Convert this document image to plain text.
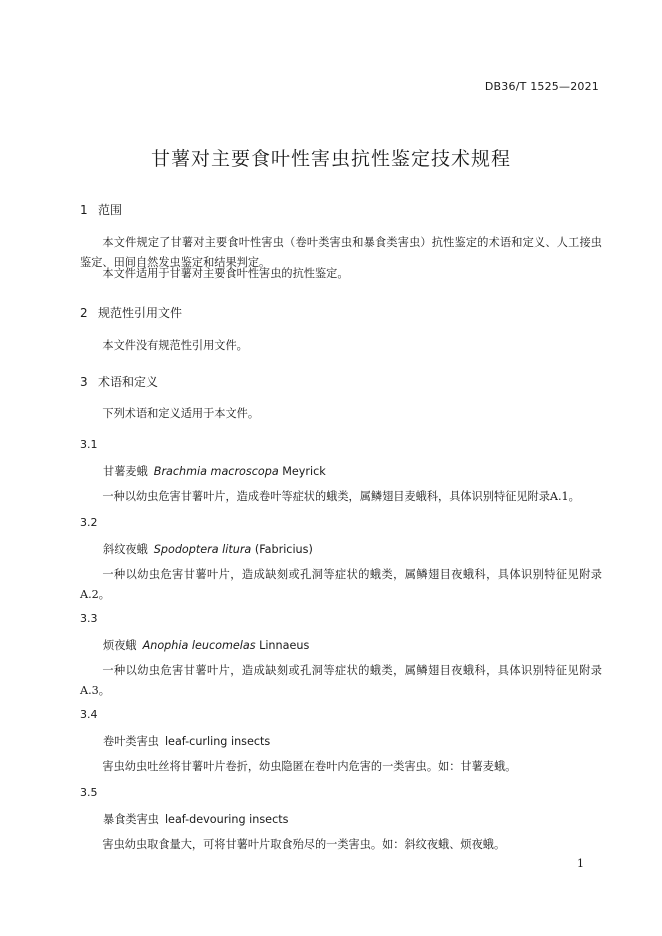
DB36/T 1525—2021
甘薯对主要食叶性害虫抗性鉴定技术规程
1 范围
本文件规定了甘薯对主要食叶性害虫（卷叶类害虫和暴食类害虫）抗性鉴定的术语和定义、人工接虫鉴定、田间自然发虫鉴定和结果判定。
本文件适用于甘薯对主要食叶性害虫的抗性鉴定。
2 规范性引用文件
本文件没有规范性引用文件。
3 术语和定义
下列术语和定义适用于本文件。
3.1
甘薯麦蛾 Brachmia macroscopa Meyrick
一种以幼虫危害甘薯叶片，造成卷叶等症状的蛾类，属鳞翅目麦蛾科，具体识别特征见附录A.1。
3.2
斜纹夜蛾 Spodoptera litura (Fabricius)
一种以幼虫危害甘薯叶片，造成缺刻或孔洞等症状的蛾类，属鳞翅目夜蛾科，具体识别特征见附录A.2。
3.3
烦夜蛾 Anophia leucomelas Linnaeus
一种以幼虫危害甘薯叶片，造成缺刻或孔洞等症状的蛾类，属鳞翅目夜蛾科，具体识别特征见附录A.3。
3.4
卷叶类害虫 leaf-curling insects
害虫幼虫吐丝将甘薯叶片卷折，幼虫隐匿在卷叶内危害的一类害虫。如：甘薯麦蛾。
3.5
暴食类害虫 leaf-devouring insects
害虫幼虫取食量大，可将甘薯叶片取食殆尽的一类害虫。如：斜纹夜蛾、烦夜蛾。
1
